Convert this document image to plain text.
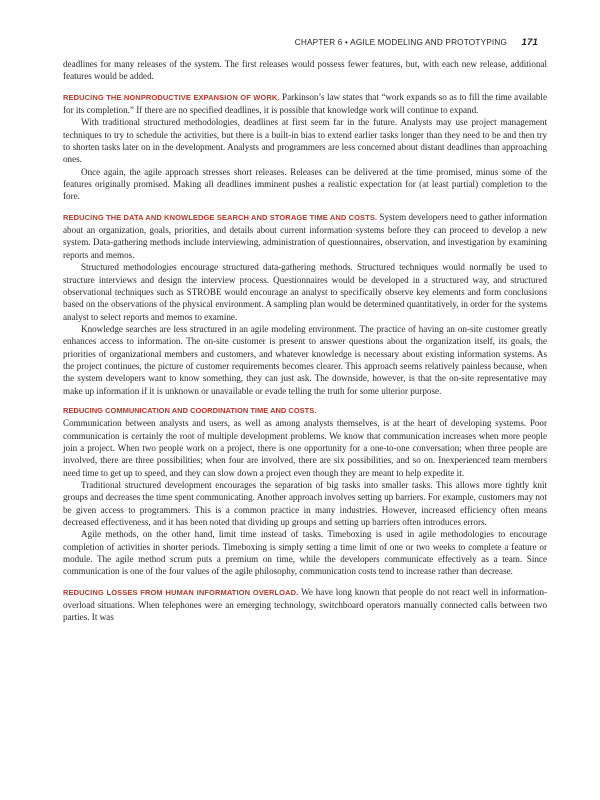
CHAPTER 6 • AGILE MODELING AND PROTOTYPING 171

deadlines for many releases of the system. The first releases would possess fewer features, but, with each new release, additional features would be added.

REDUCING THE NONPRODUCTIVE EXPANSION OF WORK. Parkinson’s law states that “work expands so as to fill the time available for its completion.” If there are no specified deadlines, it is possible that knowledge work will continue to expand.

With traditional structured methodologies, deadlines at first seem far in the future. Analysts may use project management techniques to try to schedule the activities, but there is a built-in bias to extend earlier tasks longer than they need to be and then try to shorten tasks later on in the development. Analysts and programmers are less concerned about distant deadlines than approaching ones.

Once again, the agile approach stresses short releases. Releases can be delivered at the time promised, minus some of the features originally promised. Making all deadlines imminent pushes a realistic expectation for (at least partial) completion to the fore.

REDUCING THE DATA AND KNOWLEDGE SEARCH AND STORAGE TIME AND COSTS. System developers need to gather information about an organization, goals, priorities, and details about current information systems before they can proceed to develop a new system. Data-gathering methods include interviewing, administration of questionnaires, observation, and investigation by examining reports and memos.

Structured methodologies encourage structured data-gathering methods. Structured techniques would normally be used to structure interviews and design the interview process. Questionnaires would be developed in a structured way, and structured observational techniques such as STROBE would encourage an analyst to specifically observe key elements and form conclusions based on the observations of the physical environment. A sampling plan would be determined quantitatively, in order for the systems analyst to select reports and memos to examine.

Knowledge searches are less structured in an agile modeling environment. The practice of having an on-site customer greatly enhances access to information. The on-site customer is present to answer questions about the organization itself, its goals, the priorities of organizational members and customers, and whatever knowledge is necessary about existing information systems. As the project continues, the picture of customer requirements becomes clearer. This approach seems relatively painless because, when the system developers want to know something, they can just ask. The downside, however, is that the on-site representative may make up information if it is unknown or unavailable or evade telling the truth for some ulterior purpose.

REDUCING COMMUNICATION AND COORDINATION TIME AND COSTS.

Communication between analysts and users, as well as among analysts themselves, is at the heart of developing systems. Poor communication is certainly the root of multiple development problems. We know that communication increases when more people join a project. When two people work on a project, there is one opportunity for a one-to-one conversation; when three people are involved, there are three possibilities; when four are involved, there are six possibilities, and so on. Inexperienced team members need time to get up to speed, and they can slow down a project even though they are meant to help expedite it.

Traditional structured development encourages the separation of big tasks into smaller tasks. This allows more tightly knit groups and decreases the time spent communicating. Another approach involves setting up barriers. For example, customers may not be given access to programmers. This is a common practice in many industries. However, increased efficiency often means decreased effectiveness, and it has been noted that dividing up groups and setting up barriers often introduces errors.

Agile methods, on the other hand, limit time instead of tasks. Timeboxing is used in agile methodologies to encourage completion of activities in shorter periods. Timeboxing is simply setting a time limit of one or two weeks to complete a feature or module. The agile method scrum puts a premium on time, while the developers communicate effectively as a team. Since communication is one of the four values of the agile philosophy, communication costs tend to increase rather than decrease.

REDUCING LOSSES FROM HUMAN INFORMATION OVERLOAD. We have long known that people do not react well in information-overload situations. When telephones were an emerging technology, switchboard operators manually connected calls between two parties. It was
